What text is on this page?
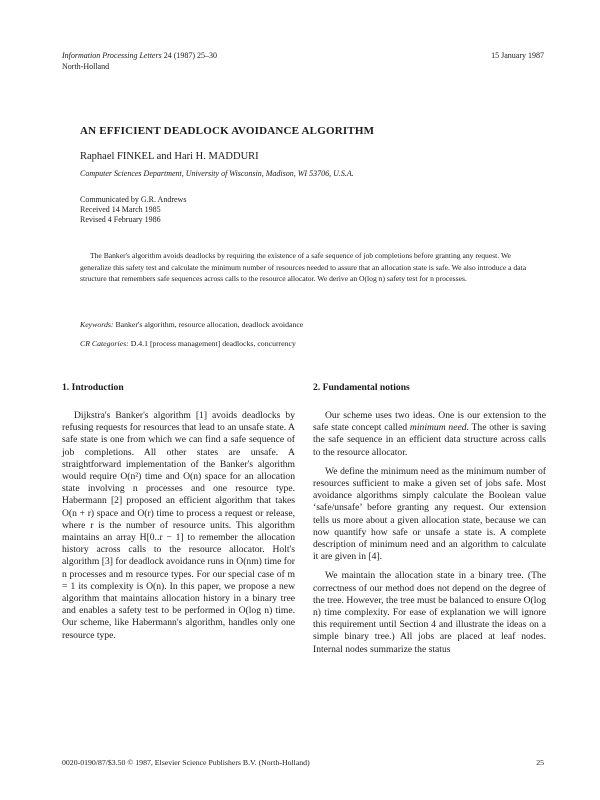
Information Processing Letters 24 (1987) 25–30
North-Holland
15 January 1987
AN EFFICIENT DEADLOCK AVOIDANCE ALGORITHM
Raphael FINKEL and Hari H. MADDURI
Computer Sciences Department, University of Wisconsin, Madison, WI 53706, U.S.A.
Communicated by G.R. Andrews
Received 14 March 1985
Revised 4 February 1986

The Banker's algorithm avoids deadlocks by requiring the existence of a safe sequence of job completions before granting any request. We generalize this safety test and calculate the minimum number of resources needed to assure that an allocation state is safe. We also introduce a data structure that remembers safe sequences across calls to the resource allocator. We derive an O(log n) safety test for n processes.

Keywords: Banker's algorithm, resource allocation, deadlock avoidance
CR Categories: D.4.1 [process management] deadlocks, concurrency
1. Introduction

Dijkstra's Banker's algorithm [1] avoids deadlocks by refusing requests for resources that lead to an unsafe state. A safe state is one from which we can find a safe sequence of job completions. All other states are unsafe. A straightforward implementation of the Banker's algorithm would require O(n²) time and O(n) space for an allocation state involving n processes and one resource type. Habermann [2] proposed an efficient algorithm that takes O(n + r) space and O(r) time to process a request or release, where r is the number of resource units. This algorithm maintains an array H[0..r − 1] to remember the allocation history across calls to the resource allocator. Holt's algorithm [3] for deadlock avoidance runs in O(nm) time for n processes and m resource types. For our special case of m = 1 its complexity is O(n). In this paper, we propose a new algorithm that maintains allocation history in a binary tree and enables a safety test to be performed in O(log n) time. Our scheme, like Habermann's algorithm, handles only one resource type.

2. Fundamental notions

Our scheme uses two ideas. One is our extension to the safe state concept called minimum need. The other is saving the safe sequence in an efficient data structure across calls to the resource allocator.

We define the minimum need as the minimum number of resources sufficient to make a given set of jobs safe. Most avoidance algorithms simply calculate the Boolean value ‘safe/unsafe’ before granting any request. Our extension tells us more about a given allocation state, because we can now quantify how safe or unsafe a state is. A complete description of minimum need and an algorithm to calculate it are given in [4].

We maintain the allocation state in a binary tree. (The correctness of our method does not depend on the degree of the tree. However, the tree must be balanced to ensure O(log n) time complexity. For ease of explanation we will ignore this requirement until Section 4 and illustrate the ideas on a simple binary tree.) All jobs are placed at leaf nodes. Internal nodes summarize the status

0020-0190/87/$3.50 © 1987, Elsevier Science Publishers B.V. (North-Holland)	25
